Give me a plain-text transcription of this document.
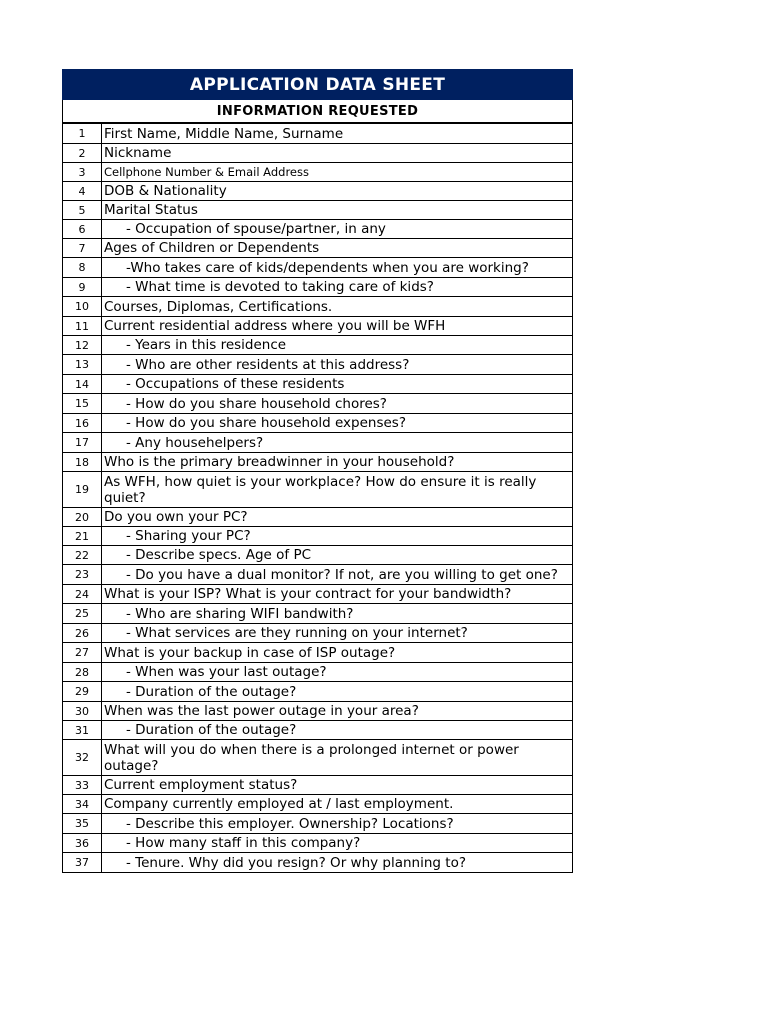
APPLICATION DATA SHEET
INFORMATION REQUESTED
1	First Name, Middle Name, Surname
2	Nickname
3	Cellphone Number & Email Address
4	DOB & Nationality
5	Marital Status
6	- Occupation of spouse/partner, in any
7	Ages of Children or Dependents
8	-Who takes care of kids/dependents when you are working?
9	- What time is devoted to taking care of kids?
10	Courses, Diplomas, Certifications.
11	Current residential address where you will be WFH
12	- Years in this residence
13	- Who are other residents at this address?
14	- Occupations of these residents
15	- How do you share household chores?
16	- How do you share household expenses?
17	- Any househelpers?
18	Who is the primary breadwinner in your household?
19	As WFH, how quiet is your workplace? How do ensure it is really quiet?
20	Do you own your PC?
21	- Sharing your PC?
22	- Describe specs. Age of PC
23	- Do you have a dual monitor? If not, are you willing to get one?
24	What is your ISP? What is your contract for your bandwidth?
25	- Who are sharing WIFI bandwith?
26	- What services are they running on your internet?
27	What is your backup in case of ISP outage?
28	- When was your last outage?
29	- Duration of the outage?
30	When was the last power outage in your area?
31	- Duration of the outage?
32	What will you do when there is a prolonged internet or power outage?
33	Current employment status?
34	Company currently employed at / last employment.
35	- Describe this employer. Ownership? Locations?
36	- How many staff in this company?
37	- Tenure. Why did you resign? Or why planning to?
